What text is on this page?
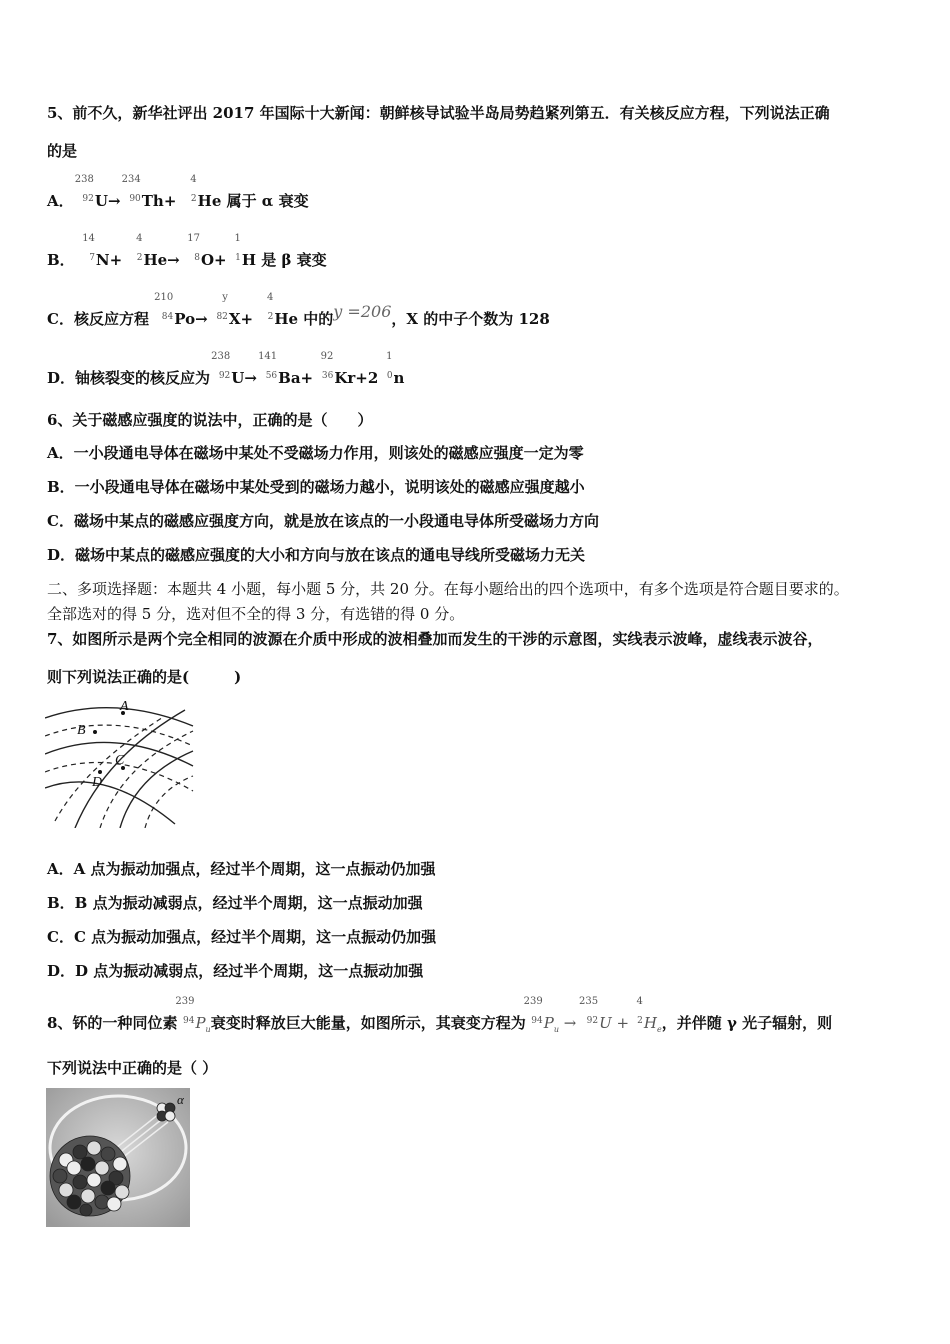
5、前不久，新华社评出 2017 年国际十大新闻：朝鲜核导试验半岛局势趋紧列第五．有关核反应方程，下列说法正确
的是
A．
238
92 U→
234
90 Th+
4
2 He 属于 α 衰变
B．
14
7 N+
4
2 He→
17
8 O+
1
1 H 是 β 衰变
C．核反应方程
210
84 Po→
y
82 X+
4
2 He 中的y =206，X 的中子个数为 128
D．铀核裂变的核反应为
238
92 U→
141
56 Ba+
92
36 Kr+2
1
0 n
6、关于磁感应强度的说法中，正确的是（　　）
A．一小段通电导体在磁场中某处不受磁场力作用，则该处的磁感应强度一定为零
B．一小段通电导体在磁场中某处受到的磁场力越小，说明该处的磁感应强度越小
C．磁场中某点的磁感应强度方向，就是放在该点的一小段通电导体所受磁场力方向
D．磁场中某点的磁感应强度的大小和方向与放在该点的通电导线所受磁场力无关
二、多项选择题：本题共 4 小题，每小题 5 分，共 20 分。在每小题给出的四个选项中，有多个选项是符合题目要求的。
全部选对的得 5 分，选对但不全的得 3 分，有选错的得 0 分。
7、如图所示是两个完全相同的波源在介质中形成的波相叠加而发生的干涉的示意图，实线表示波峰，虚线表示波谷，
则下列说法正确的是(　　　)
A
B
C
D
A．A 点为振动加强点，经过半个周期，这一点振动仍加强
B．B 点为振动减弱点，经过半个周期，这一点振动加强
C．C 点为振动加强点，经过半个周期，这一点振动仍加强
D．D 点为振动减弱点，经过半个周期，这一点振动加强
8、钚的一种同位素
239
94 $P_u$衰变时释放巨大能量，如图所示，其衰变方程为
239
94 $P_u$ →
235
92 U +
4
2 $H_e$，并伴随 γ 光子辐射，则
下列说法中正确的是（ ）
α
